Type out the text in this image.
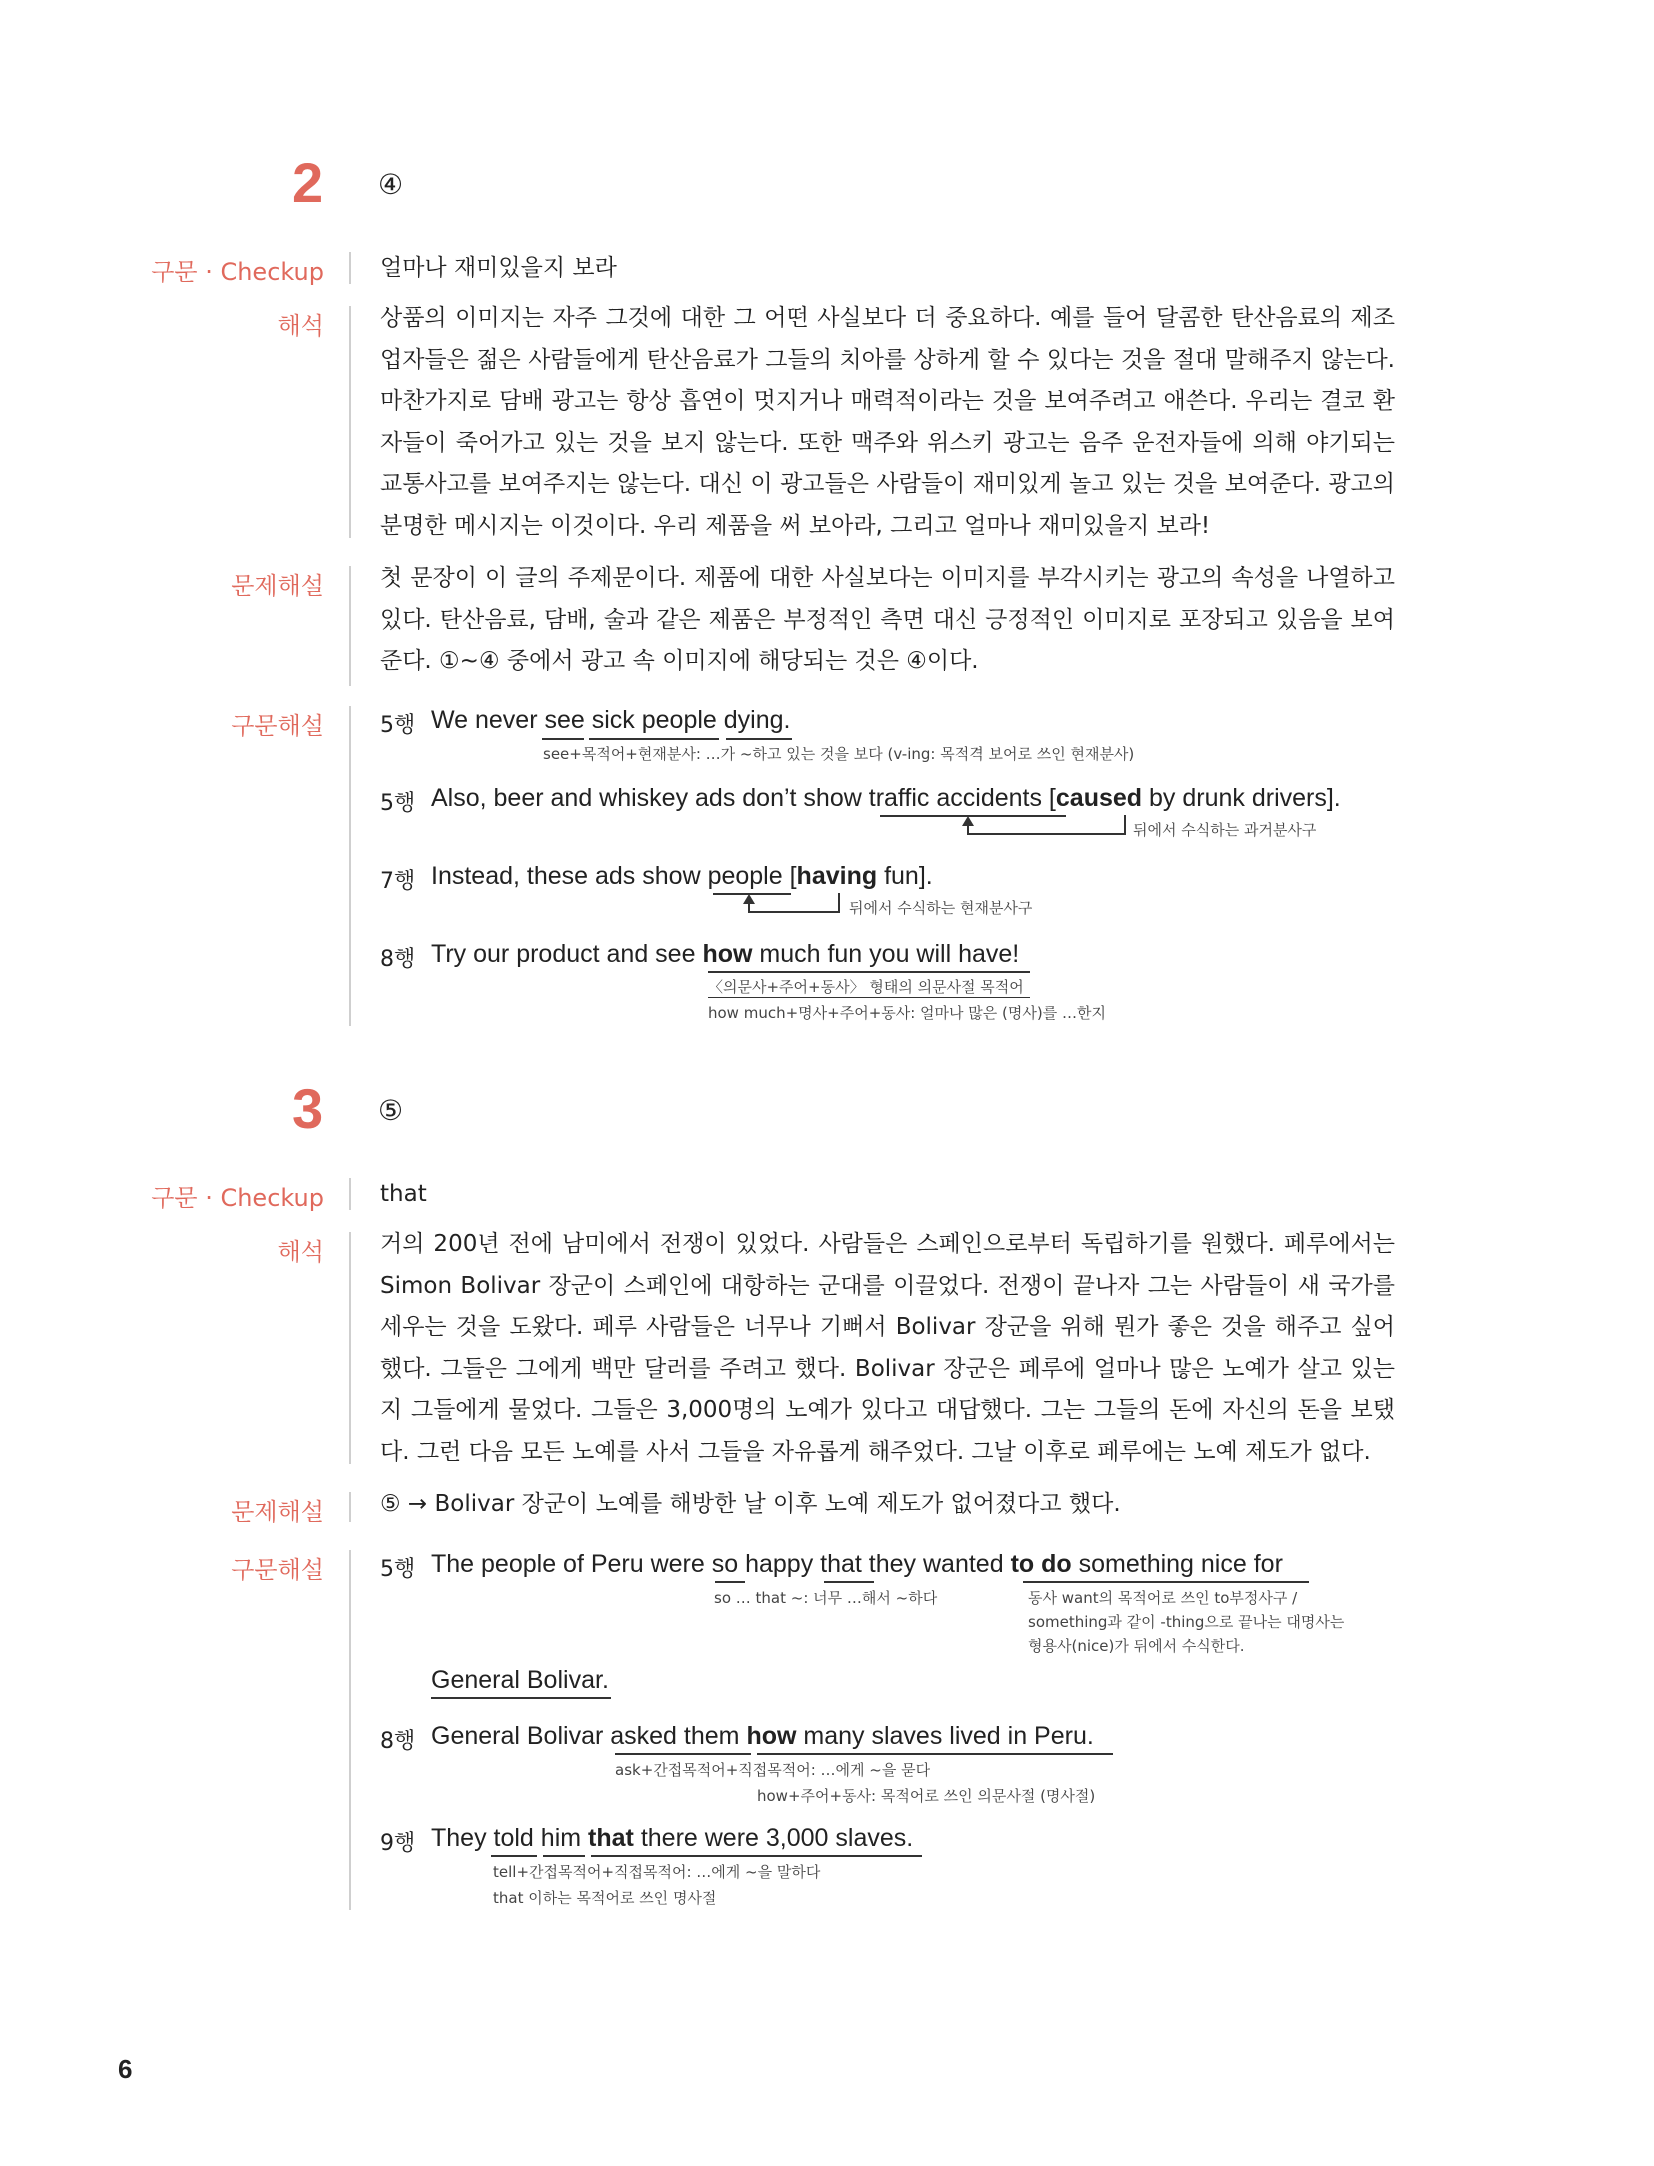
2 ④
구문 · Checkup 얼마나 재미있을지 보라
해석 상품의 이미지는 자주 그것에 대한 그 어떤 사실보다 더 중요하다. 예를 들어 달콤한 탄산음료의 제조업자들은 젊은 사람들에게 탄산음료가 그들의 치아를 상하게 할 수 있다는 것을 절대 말해주지 않는다. 마찬가지로 담배 광고는 항상 흡연이 멋지거나 매력적이라는 것을 보여주려고 애쓴다. 우리는 결코 환자들이 죽어가고 있는 것을 보지 않는다. 또한 맥주와 위스키 광고는 음주 운전자들에 의해 야기되는 교통사고를 보여주지는 않는다. 대신 이 광고들은 사람들이 재미있게 놀고 있는 것을 보여준다. 광고의 분명한 메시지는 이것이다. 우리 제품을 써 보아라, 그리고 얼마나 재미있을지 보라!
문제해설 첫 문장이 이 글의 주제문이다. 제품에 대한 사실보다는 이미지를 부각시키는 광고의 속성을 나열하고 있다. 탄산음료, 담배, 술과 같은 제품은 부정적인 측면 대신 긍정적인 이미지로 포장되고 있음을 보여준다. ①~④ 중에서 광고 속 이미지에 해당되는 것은 ④이다.
구문해설	5행 We never see sick people dying.
see+목적어+현재분사: …가 ~하고 있는 것을 보다 (v-ing: 목적격 보어로 쓰인 현재분사)
5행 Also, beer and whiskey ads don’t show traffic accidents [caused by drunk drivers].
뒤에서 수식하는 과거분사구
7행 Instead, these ads show people [having fun].
뒤에서 수식하는 현재분사구
8행 Try our product and see how much fun you will have!
〈의문사+주어+동사〉 형태의 의문사절 목적어
how much+명사+주어+동사: 얼마나 많은 (명사)를 …한지
3 ⑤
구문 · Checkup that
해석 거의 200년 전에 남미에서 전쟁이 있었다. 사람들은 스페인으로부터 독립하기를 원했다. 페루에서는 Simon Bolivar 장군이 스페인에 대항하는 군대를 이끌었다. 전쟁이 끝나자 그는 사람들이 새 국가를 세우는 것을 도왔다. 페루 사람들은 너무나 기뻐서 Bolivar 장군을 위해 뭔가 좋은 것을 해주고 싶어 했다. 그들은 그에게 백만 달러를 주려고 했다. Bolivar 장군은 페루에 얼마나 많은 노예가 살고 있는지 그들에게 물었다. 그들은 3,000명의 노예가 있다고 대답했다. 그는 그들의 돈에 자신의 돈을 보탰다. 그런 다음 모든 노예를 사서 그들을 자유롭게 해주었다. 그날 이후로 페루에는 노예 제도가 없다.
문제해설 ⑤ → Bolivar 장군이 노예를 해방한 날 이후 노예 제도가 없어졌다고 했다.
구문해설	5행 The people of Peru were so happy that they wanted to do something nice for
so … that ~: 너무 …해서 ~하다	동사 want의 목적어로 쓰인 to부정사구 /
something과 같이 -thing으로 끝나는 대명사는
형용사(nice)가 뒤에서 수식한다.
General Bolivar.
8행 General Bolivar asked them how many slaves lived in Peru.
ask+간접목적어+직접목적어: …에게 ~을 묻다
how+주어+동사: 목적어로 쓰인 의문사절 (명사절)
9행 They told him that there were 3,000 slaves.
tell+간접목적어+직접목적어: …에게 ~을 말하다
that 이하는 목적어로 쓰인 명사절
6
